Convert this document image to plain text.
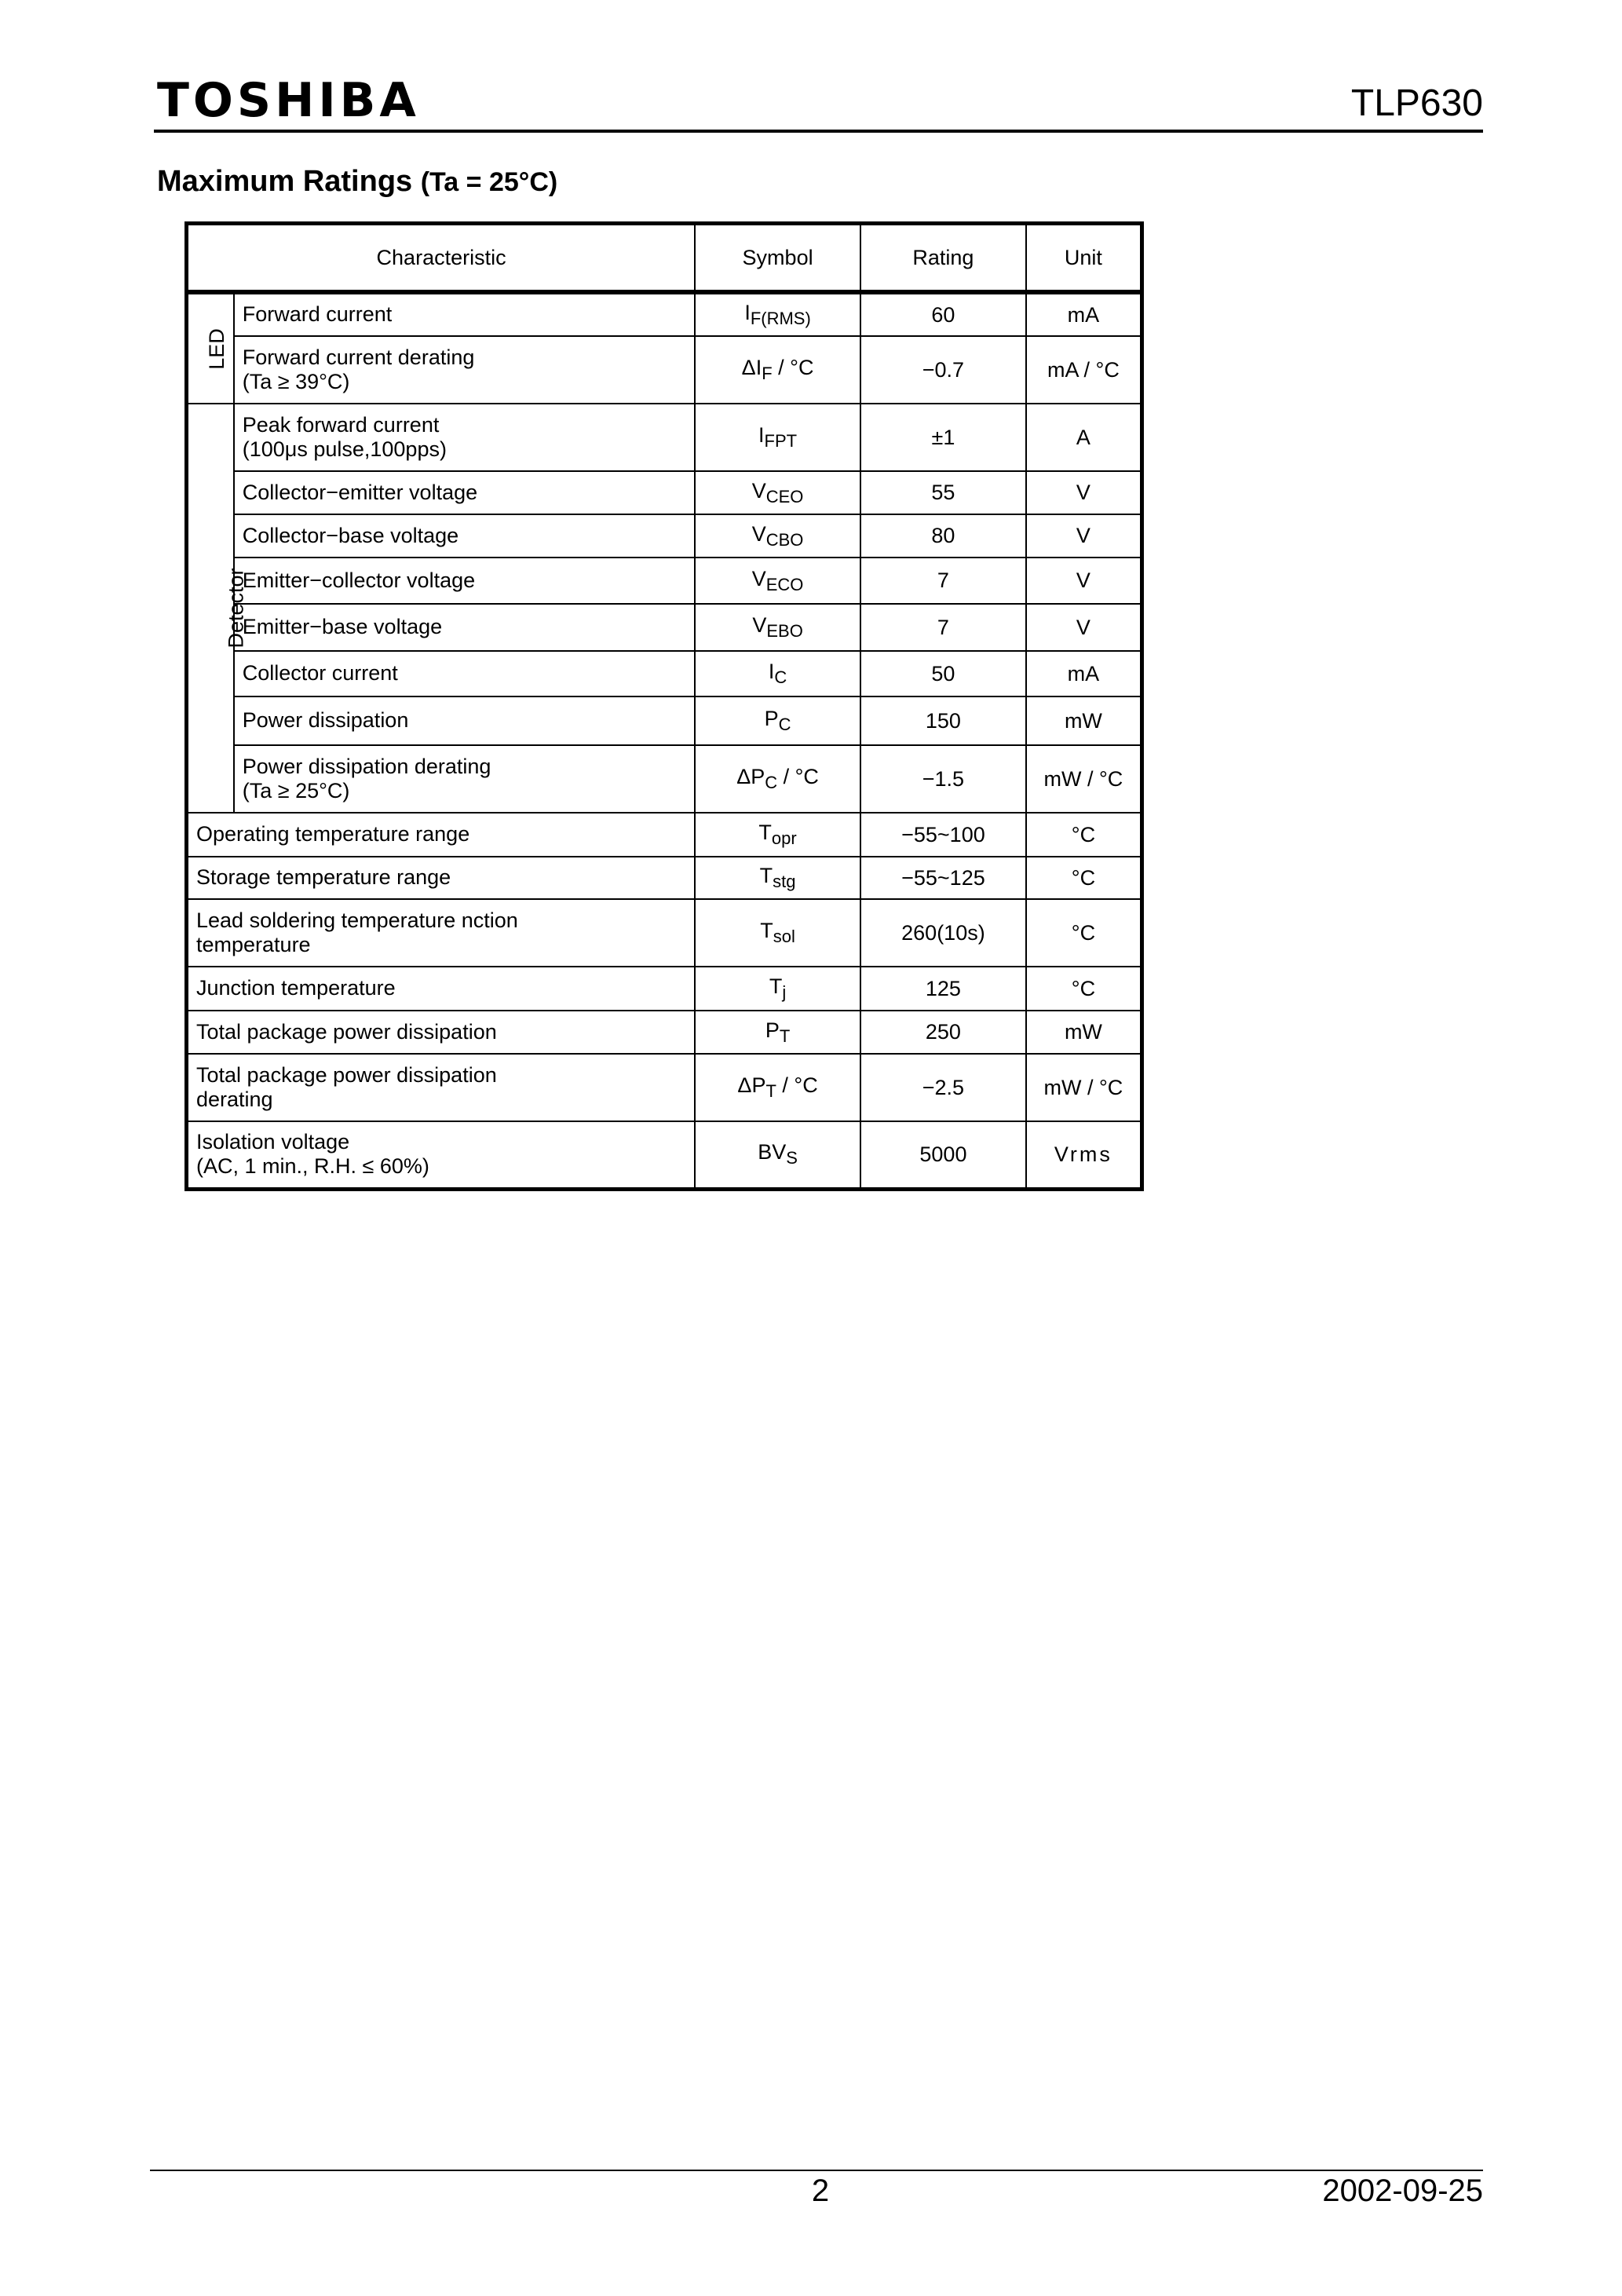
TOSHIBA	TLP630
Maximum Ratings (Ta = 25°C)
Characteristic		Symbol	Rating	Unit
LED	Forward current	$I_{F(RMS)}$	60	mA
	Forward current derating
(Ta ≥ 39°C)	$\Delta I_F / ^\circ C$	−0.7	mA / °C
Detector	Peak forward current
(100μs pulse,100pps)	$I_{FPT}$	±1	A
	Collector−emitter voltage	$V_{CEO}$	55	V
	Collector−base voltage	$V_{CBO}$	80	V
	Emitter−collector voltage	$V_{ECO}$	7	V
	Emitter−base voltage	$V_{EBO}$	7	V
	Collector current	$I_C$	50	mA
	Power dissipation	$P_C$	150	mW
	Power dissipation derating
(Ta ≥ 25°C)	$\Delta P_C / ^\circ C$	−1.5	mW / °C
Operating temperature range		$T_{opr}$	−55~100	°C
Storage temperature range		$T_{stg}$	−55~125	°C
Lead soldering temperature nction
temperature		$T_{sol}$	260(10s)	°C
Junction temperature		$T_j$	125	°C
Total package power dissipation		$P_T$	250	mW
Total package power dissipation
derating		$\Delta P_T / ^\circ C$	−2.5	mW / °C
Isolation voltage
(AC, 1 min., R.H. ≤ 60%)		$BV_S$	5000	Vrms
2	2002-09-25
